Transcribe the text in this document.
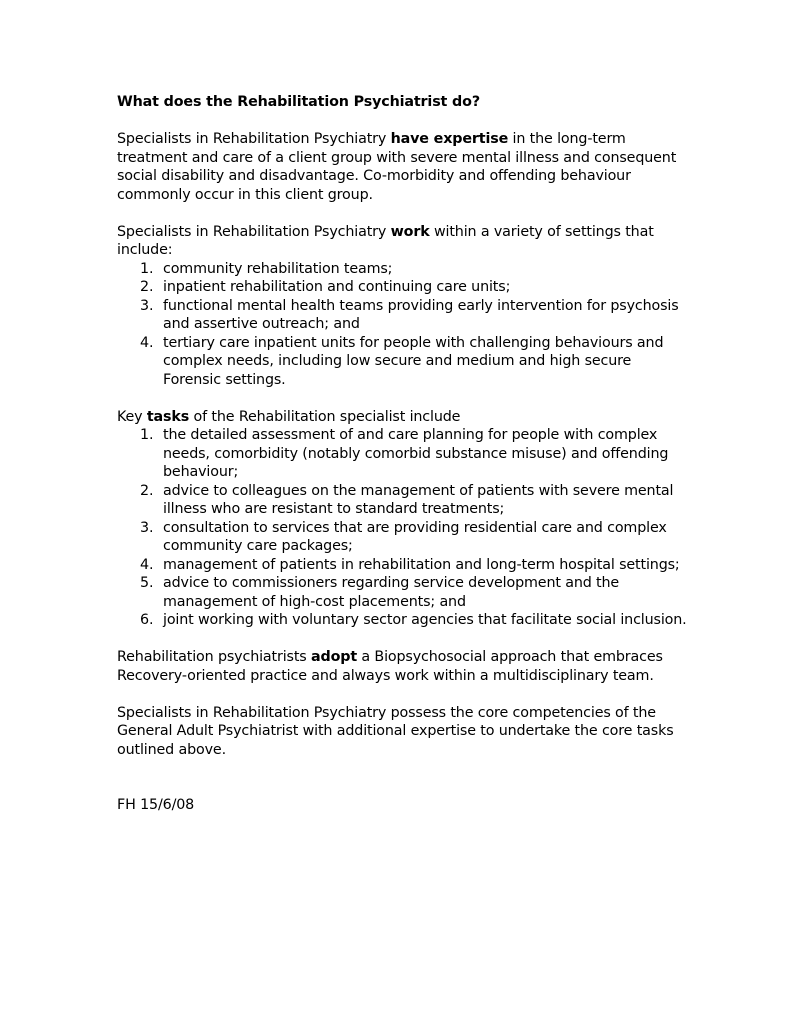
What does the Rehabilitation Psychiatrist do?

Specialists in Rehabilitation Psychiatry have expertise in the long-term treatment and care of a client group with severe mental illness and consequent social disability and disadvantage. Co-morbidity and offending behaviour commonly occur in this client group.

Specialists in Rehabilitation Psychiatry work within a variety of settings that include:
1. community rehabilitation teams;
2. inpatient rehabilitation and continuing care units;
3. functional mental health teams providing early intervention for psychosis and assertive outreach; and
4. tertiary care inpatient units for people with challenging behaviours and complex needs, including low secure and medium and high secure Forensic settings.
Key tasks of the Rehabilitation specialist include
1. the detailed assessment of and care planning for people with complex needs, comorbidity (notably comorbid substance misuse) and offending behaviour;
2. advice to colleagues on the management of patients with severe mental illness who are resistant to standard treatments;
3. consultation to services that are providing residential care and complex community care packages;
4. management of patients in rehabilitation and long-term hospital settings;
5. advice to commissioners regarding service development and the management of high-cost placements; and
6. joint working with voluntary sector agencies that facilitate social inclusion.

Rehabilitation psychiatrists adopt a Biopsychosocial approach that embraces Recovery-oriented practice and always work within a multidisciplinary team.

Specialists in Rehabilitation Psychiatry possess the core competencies of the General Adult Psychiatrist with additional expertise to undertake the core tasks outlined above.

FH 15/6/08
